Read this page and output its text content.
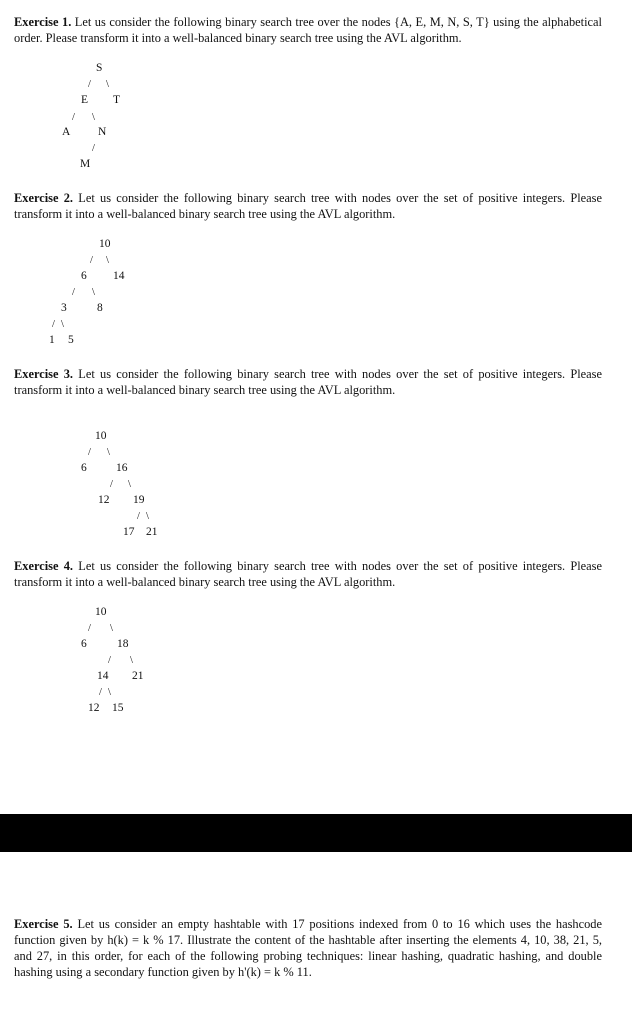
Exercise 1. Let us consider the following binary search tree over the nodes {A, E, M, N, S, T} using the alphabetical order. Please transform it into a well-balanced binary search tree using the AVL algorithm.

S
/ \
E T
/ \
A N
/
M

Exercise 2. Let us consider the following binary search tree with nodes over the set of positive integers. Please transform it into a well-balanced binary search tree using the AVL algorithm.

10
/ \
6 14
/ \
3	8
/ \
1 5

Exercise 3. Let us consider the following binary search tree with nodes over the set of positive integers. Please transform it into a well-balanced binary search tree using the AVL algorithm.

10
/ \
6	16
/ \
12 19
/ \
17 21

Exercise 4. Let us consider the following binary search tree with nodes over the set of positive integers. Please transform it into a well-balanced binary search tree using the AVL algorithm.

10
/ \
6	18
/ \
14 21
/ \
12 15

Exercise 5. Let us consider an empty hashtable with 17 positions indexed from 0 to 16 which uses the hashcode function given by h(k) = k % 17. Illustrate the content of the hashtable after inserting the elements 4, 10, 38, 21, 5, and 27, in this order, for each of the following probing techniques: linear hashing, quadratic hashing, and double hashing using a secondary function given by h'(k) = k % 11.
